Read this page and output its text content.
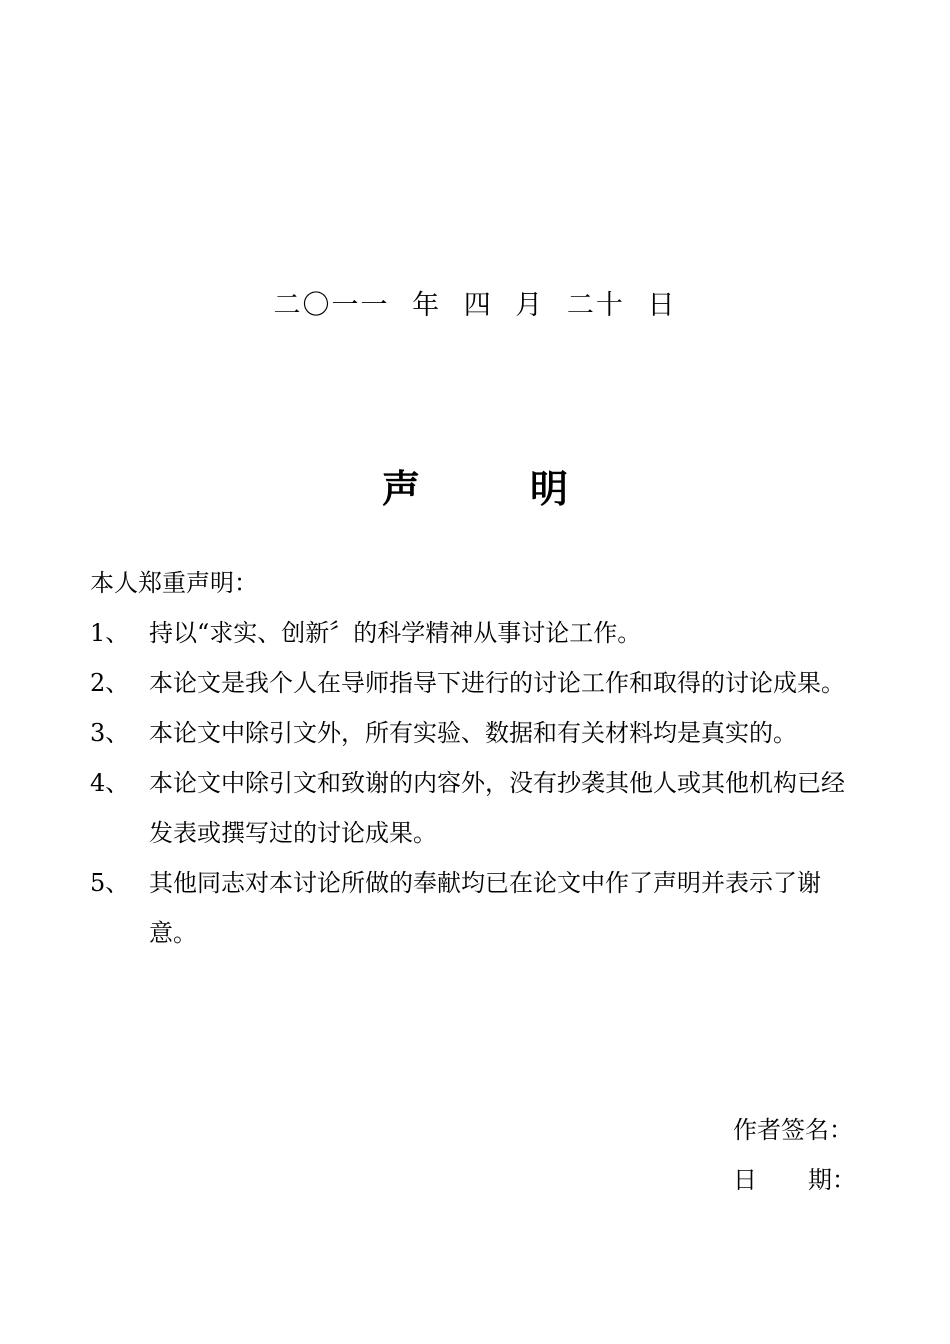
二〇一一 年 四 月 二十 日
声	明

本人郑重声明：

1、 持以“求实、创新〞的科学精神从事讨论工作。
2、 本论文是我个人在导师指导下进行的讨论工作和取得的讨论成果。
3、 本论文中除引文外，所有实验、数据和有关材料均是真实的。
4、 本论文中除引文和致谢的内容外，没有抄袭其他人或其他机构已经发表或撰写过的讨论成果。
5、 其他同志对本讨论所做的奉献均已在论文中作了声明并表示了谢意。
作者签名：
日 期：
